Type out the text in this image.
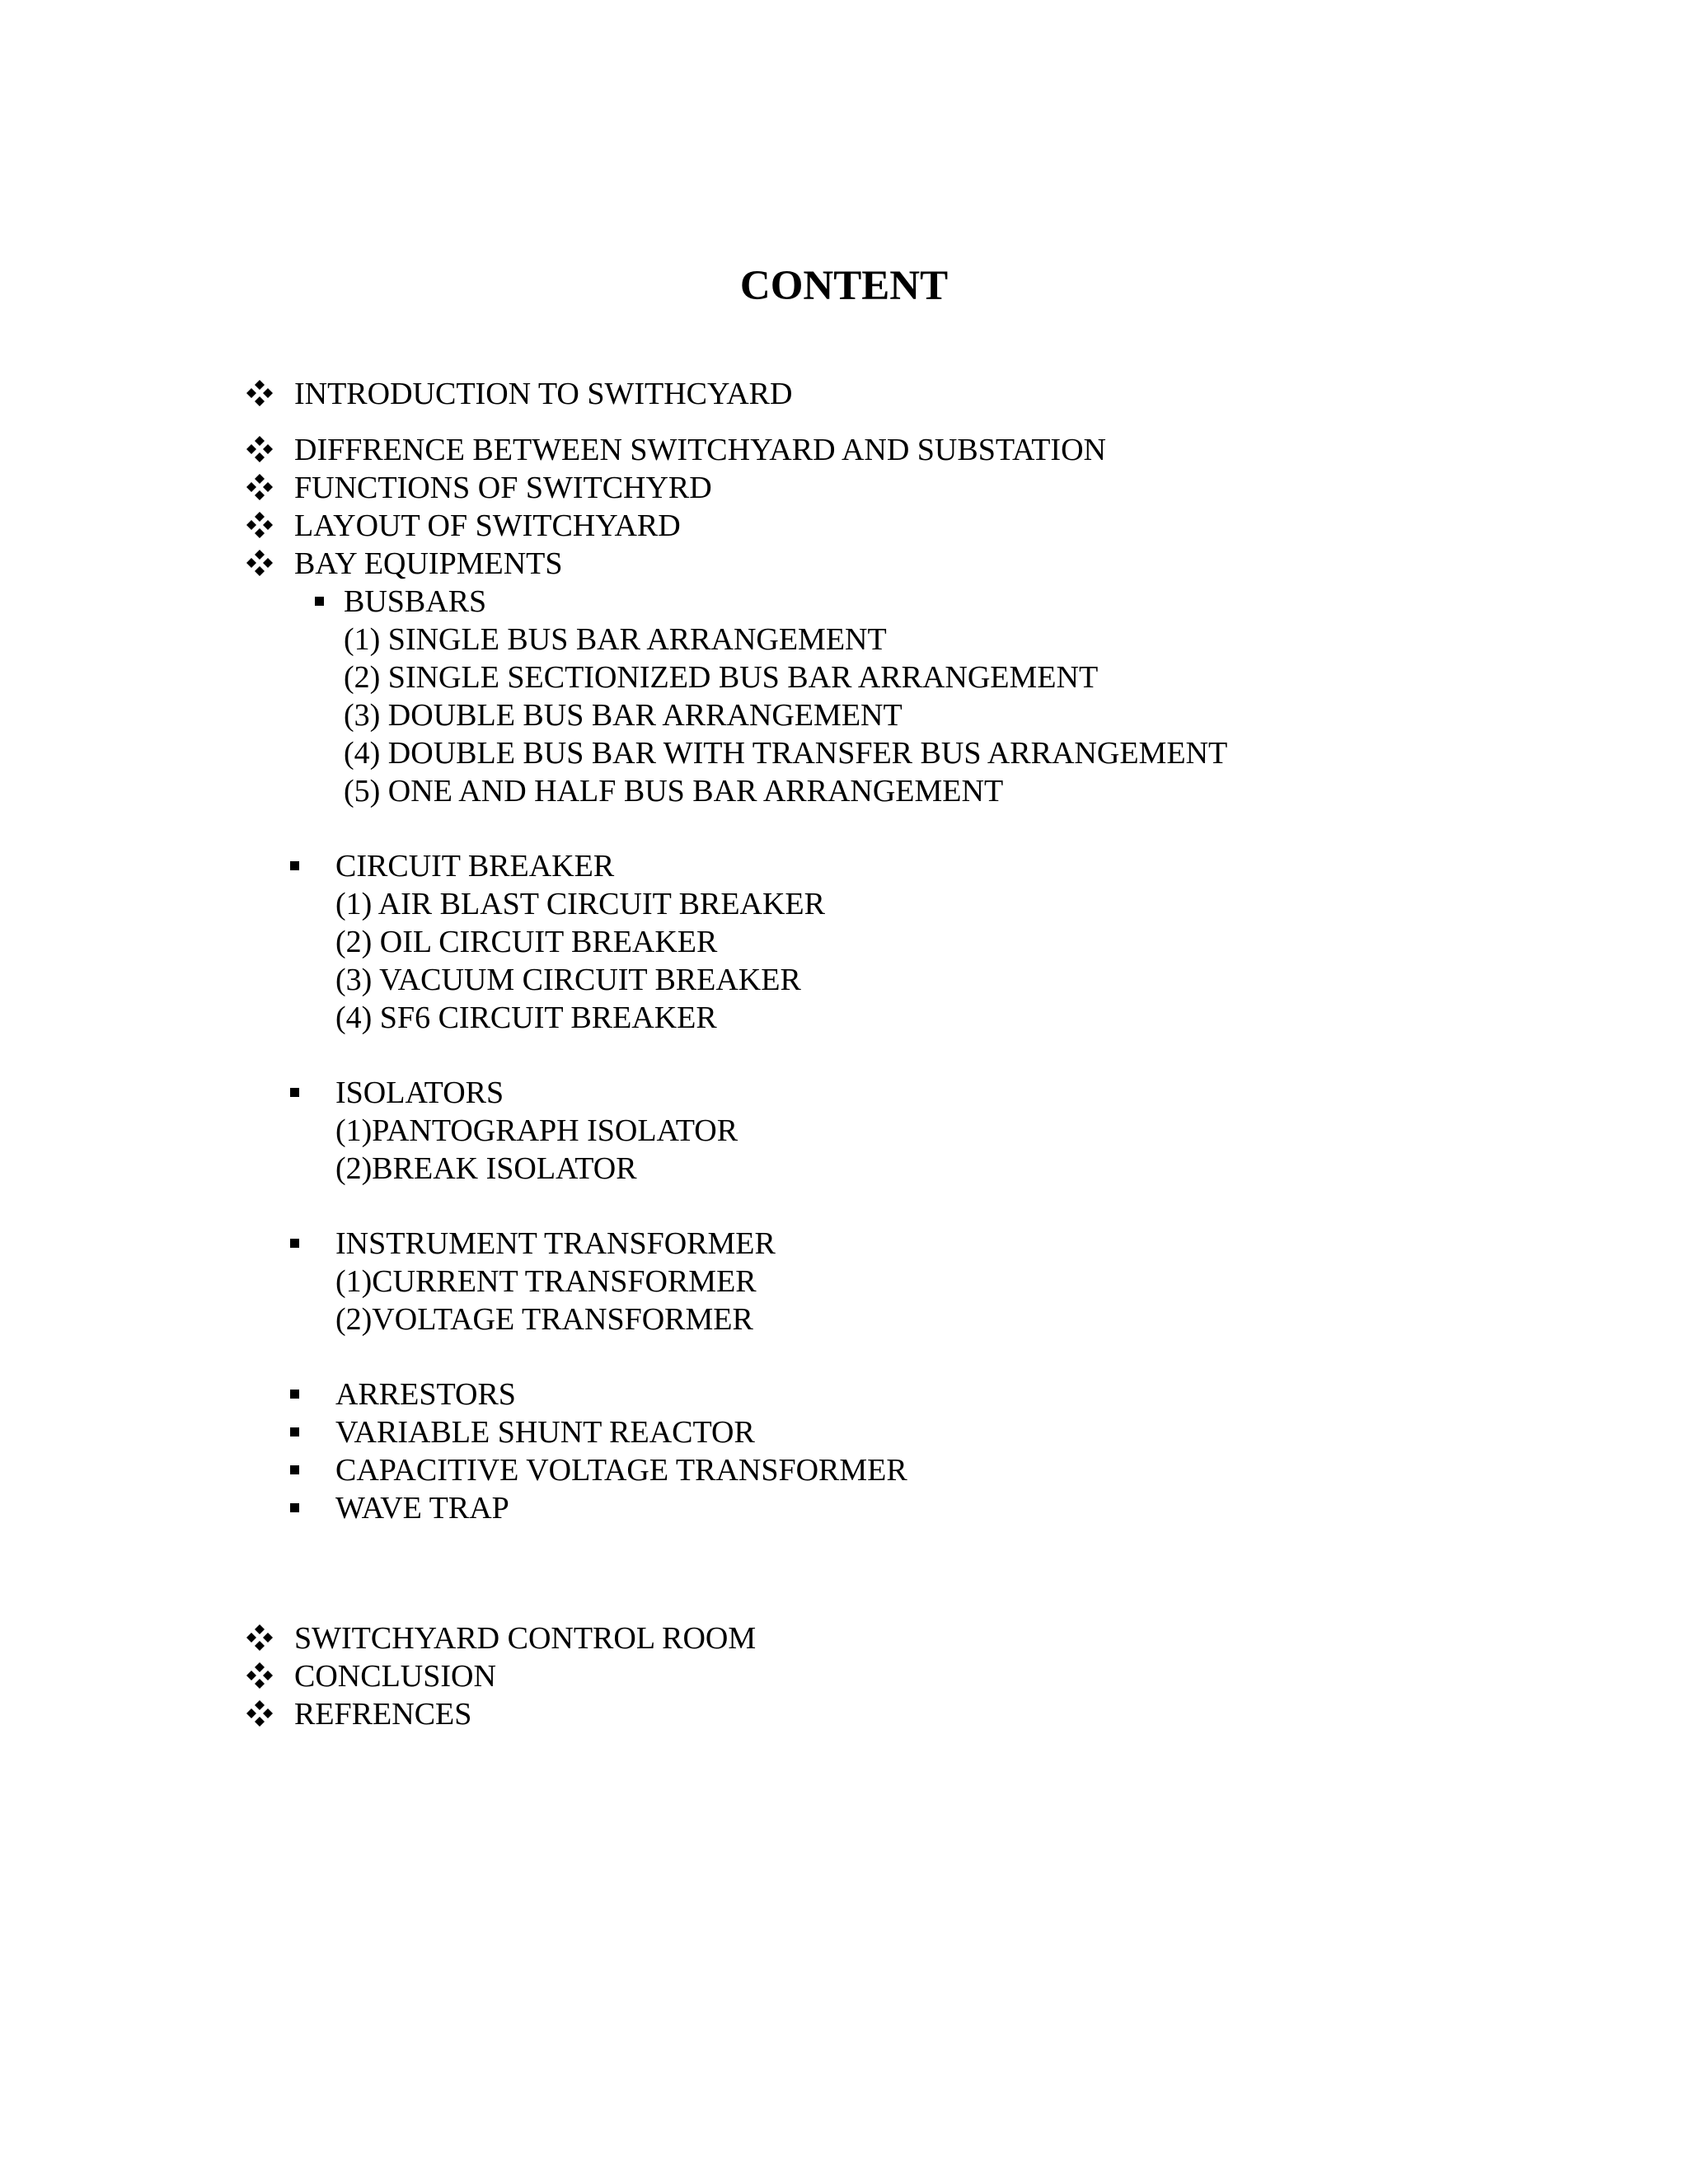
CONTENT
INTRODUCTION TO SWITHCYARD
DIFFRENCE BETWEEN SWITCHYARD AND SUBSTATION
FUNCTIONS OF SWITCHYRD
LAYOUT OF SWITCHYARD
BAY EQUIPMENTS
BUSBARS
(1) SINGLE BUS BAR ARRANGEMENT
(2) SINGLE SECTIONIZED BUS BAR ARRANGEMENT
(3) DOUBLE BUS BAR ARRANGEMENT
(4) DOUBLE BUS BAR WITH TRANSFER BUS ARRANGEMENT
(5) ONE AND HALF BUS BAR ARRANGEMENT
CIRCUIT BREAKER
(1) AIR BLAST CIRCUIT BREAKER
(2) OIL CIRCUIT BREAKER
(3) VACUUM CIRCUIT BREAKER
(4) SF6 CIRCUIT BREAKER
ISOLATORS
(1)PANTOGRAPH ISOLATOR
(2)BREAK ISOLATOR
INSTRUMENT TRANSFORMER
(1)CURRENT TRANSFORMER
(2)VOLTAGE TRANSFORMER
ARRESTORS
VARIABLE SHUNT REACTOR
CAPACITIVE VOLTAGE TRANSFORMER
WAVE TRAP
SWITCHYARD CONTROL ROOM
CONCLUSION
REFRENCES
